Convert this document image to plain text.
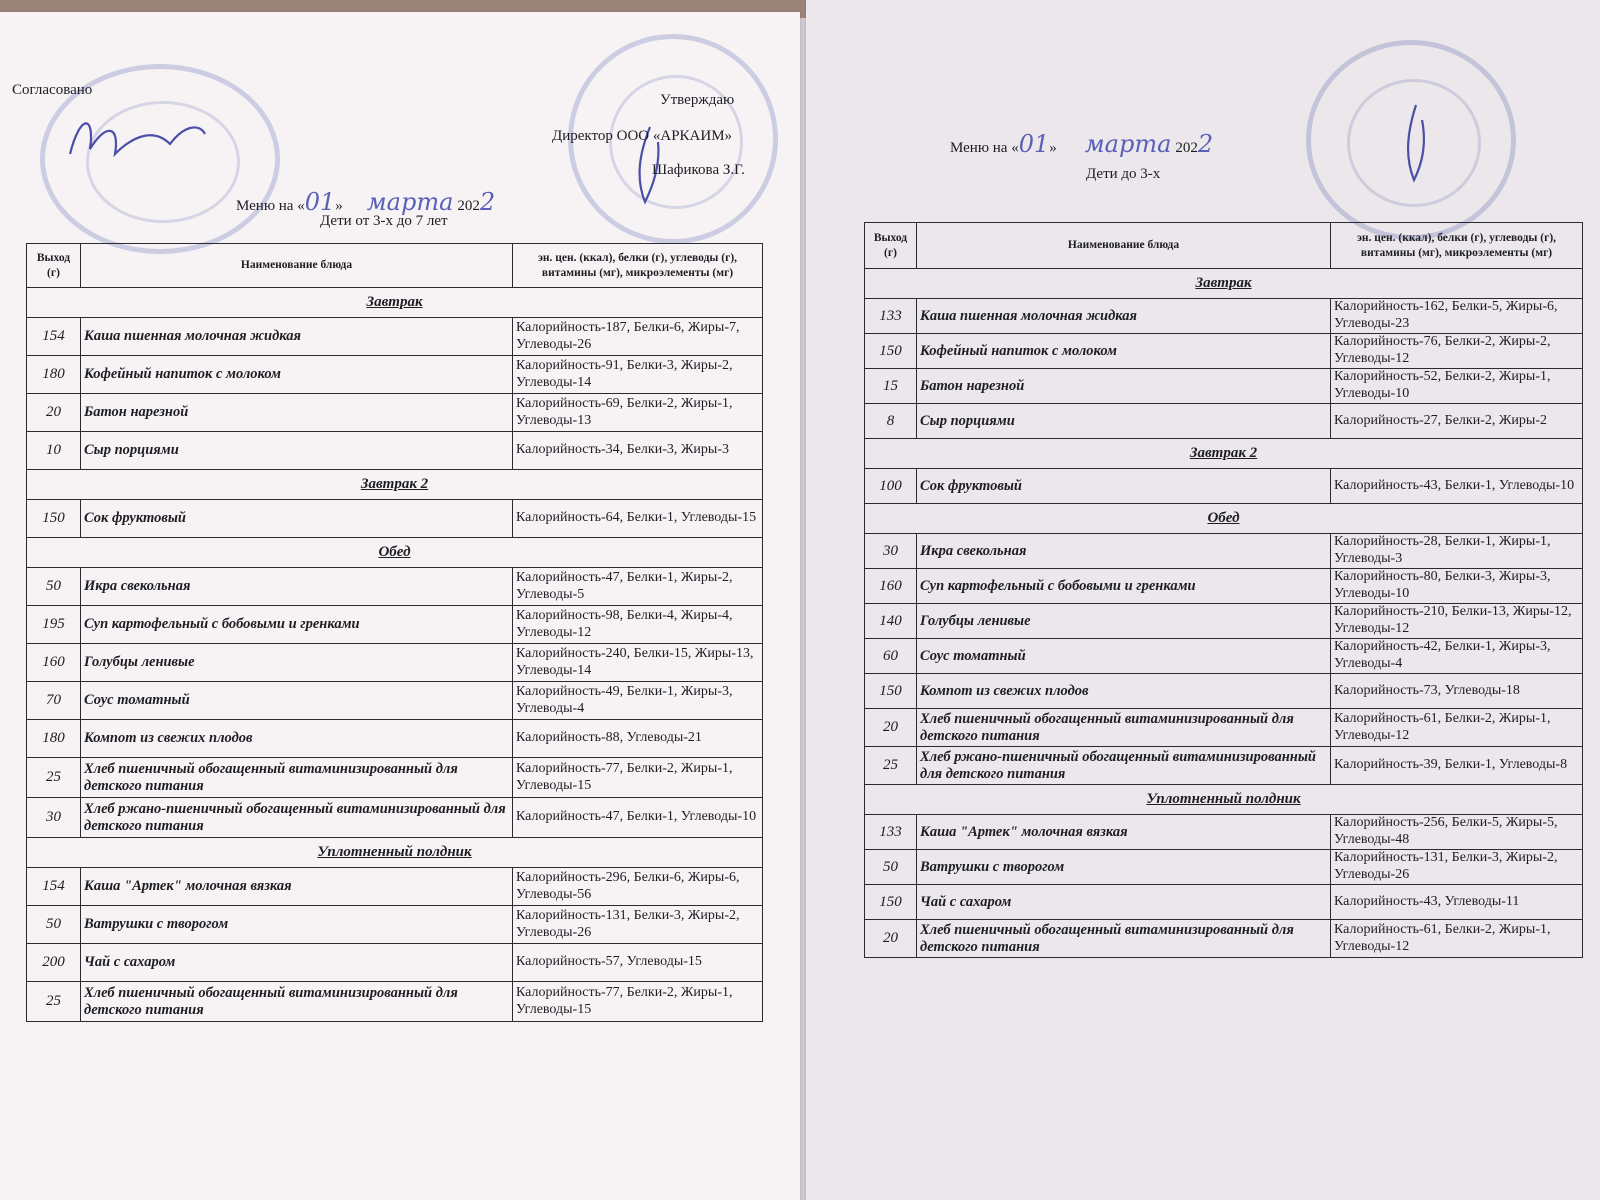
Согласовано
Утверждаю
Директор ООО «АРКАИМ»
Шафикова З.Г.
Меню на «01» марта 2022
Дети от 3-х до 7 лет
Выход (г)	Наименование блюда	эн. цен. (ккал), белки (г), углеводы (г), витамины (мг), микроэлементы (мг)
Завтрак		
154	Каша пшенная молочная жидкая	Калорийность-187, Белки-6, Жиры-7, Углеводы-26
180	Кофейный напиток с молоком	Калорийность-91, Белки-3, Жиры-2, Углеводы-14
20	Батон нарезной	Калорийность-69, Белки-2, Жиры-1, Углеводы-13
10	Сыр порциями	Калорийность-34, Белки-3, Жиры-3
Завтрак 2		
150	Сок фруктовый	Калорийность-64, Белки-1, Углеводы-15
Обед		
50	Икра свекольная	Калорийность-47, Белки-1, Жиры-2, Углеводы-5
195	Суп картофельный с бобовыми и гренками	Калорийность-98, Белки-4, Жиры-4, Углеводы-12
160	Голубцы ленивые	Калорийность-240, Белки-15, Жиры-13, Углеводы-14
70	Соус томатный	Калорийность-49, Белки-1, Жиры-3, Углеводы-4
180	Компот из свежих плодов	Калорийность-88, Углеводы-21
25	Хлеб пшеничный обогащенный витаминизированный для детского питания	Калорийность-77, Белки-2, Жиры-1, Углеводы-15
30	Хлеб ржано-пшеничный обогащенный витаминизированный для детского питания	Калорийность-47, Белки-1, Углеводы-10
Уплотненный полдник		
154	Каша "Артек" молочная вязкая	Калорийность-296, Белки-6, Жиры-6, Углеводы-56
50	Ватрушки с творогом	Калорийность-131, Белки-3, Жиры-2, Углеводы-26
200	Чай с сахаром	Калорийность-57, Углеводы-15
25	Хлеб пшеничный обогащенный витаминизированный для детского питания	Калорийность-77, Белки-2, Жиры-1, Углеводы-15
Меню на «01» марта 2022
Дети до 3-х
Выход (г)	Наименование блюда	эн. цен. (ккал), белки (г), углеводы (г), витамины (мг), микроэлементы (мг)
Завтрак		
133	Каша пшенная молочная жидкая	Калорийность-162, Белки-5, Жиры-6, Углеводы-23
150	Кофейный напиток с молоком	Калорийность-76, Белки-2, Жиры-2, Углеводы-12
15	Батон нарезной	Калорийность-52, Белки-2, Жиры-1, Углеводы-10
8	Сыр порциями	Калорийность-27, Белки-2, Жиры-2
Завтрак 2		
100	Сок фруктовый	Калорийность-43, Белки-1, Углеводы-10
Обед		
30	Икра свекольная	Калорийность-28, Белки-1, Жиры-1, Углеводы-3
160	Суп картофельный с бобовыми и гренками	Калорийность-80, Белки-3, Жиры-3, Углеводы-10
140	Голубцы ленивые	Калорийность-210, Белки-13, Жиры-12, Углеводы-12
60	Соус томатный	Калорийность-42, Белки-1, Жиры-3, Углеводы-4
150	Компот из свежих плодов	Калорийность-73, Углеводы-18
20	Хлеб пшеничный обогащенный витаминизированный для детского питания	Калорийность-61, Белки-2, Жиры-1, Углеводы-12
25	Хлеб ржано-пшеничный обогащенный витаминизированный для детского питания	Калорийность-39, Белки-1, Углеводы-8
Уплотненный полдник		
133	Каша "Артек" молочная вязкая	Калорийность-256, Белки-5, Жиры-5, Углеводы-48
50	Ватрушки с творогом	Калорийность-131, Белки-3, Жиры-2, Углеводы-26
150	Чай с сахаром	Калорийность-43, Углеводы-11
20	Хлеб пшеничный обогащенный витаминизированный для детского питания	Калорийность-61, Белки-2, Жиры-1, Углеводы-12
